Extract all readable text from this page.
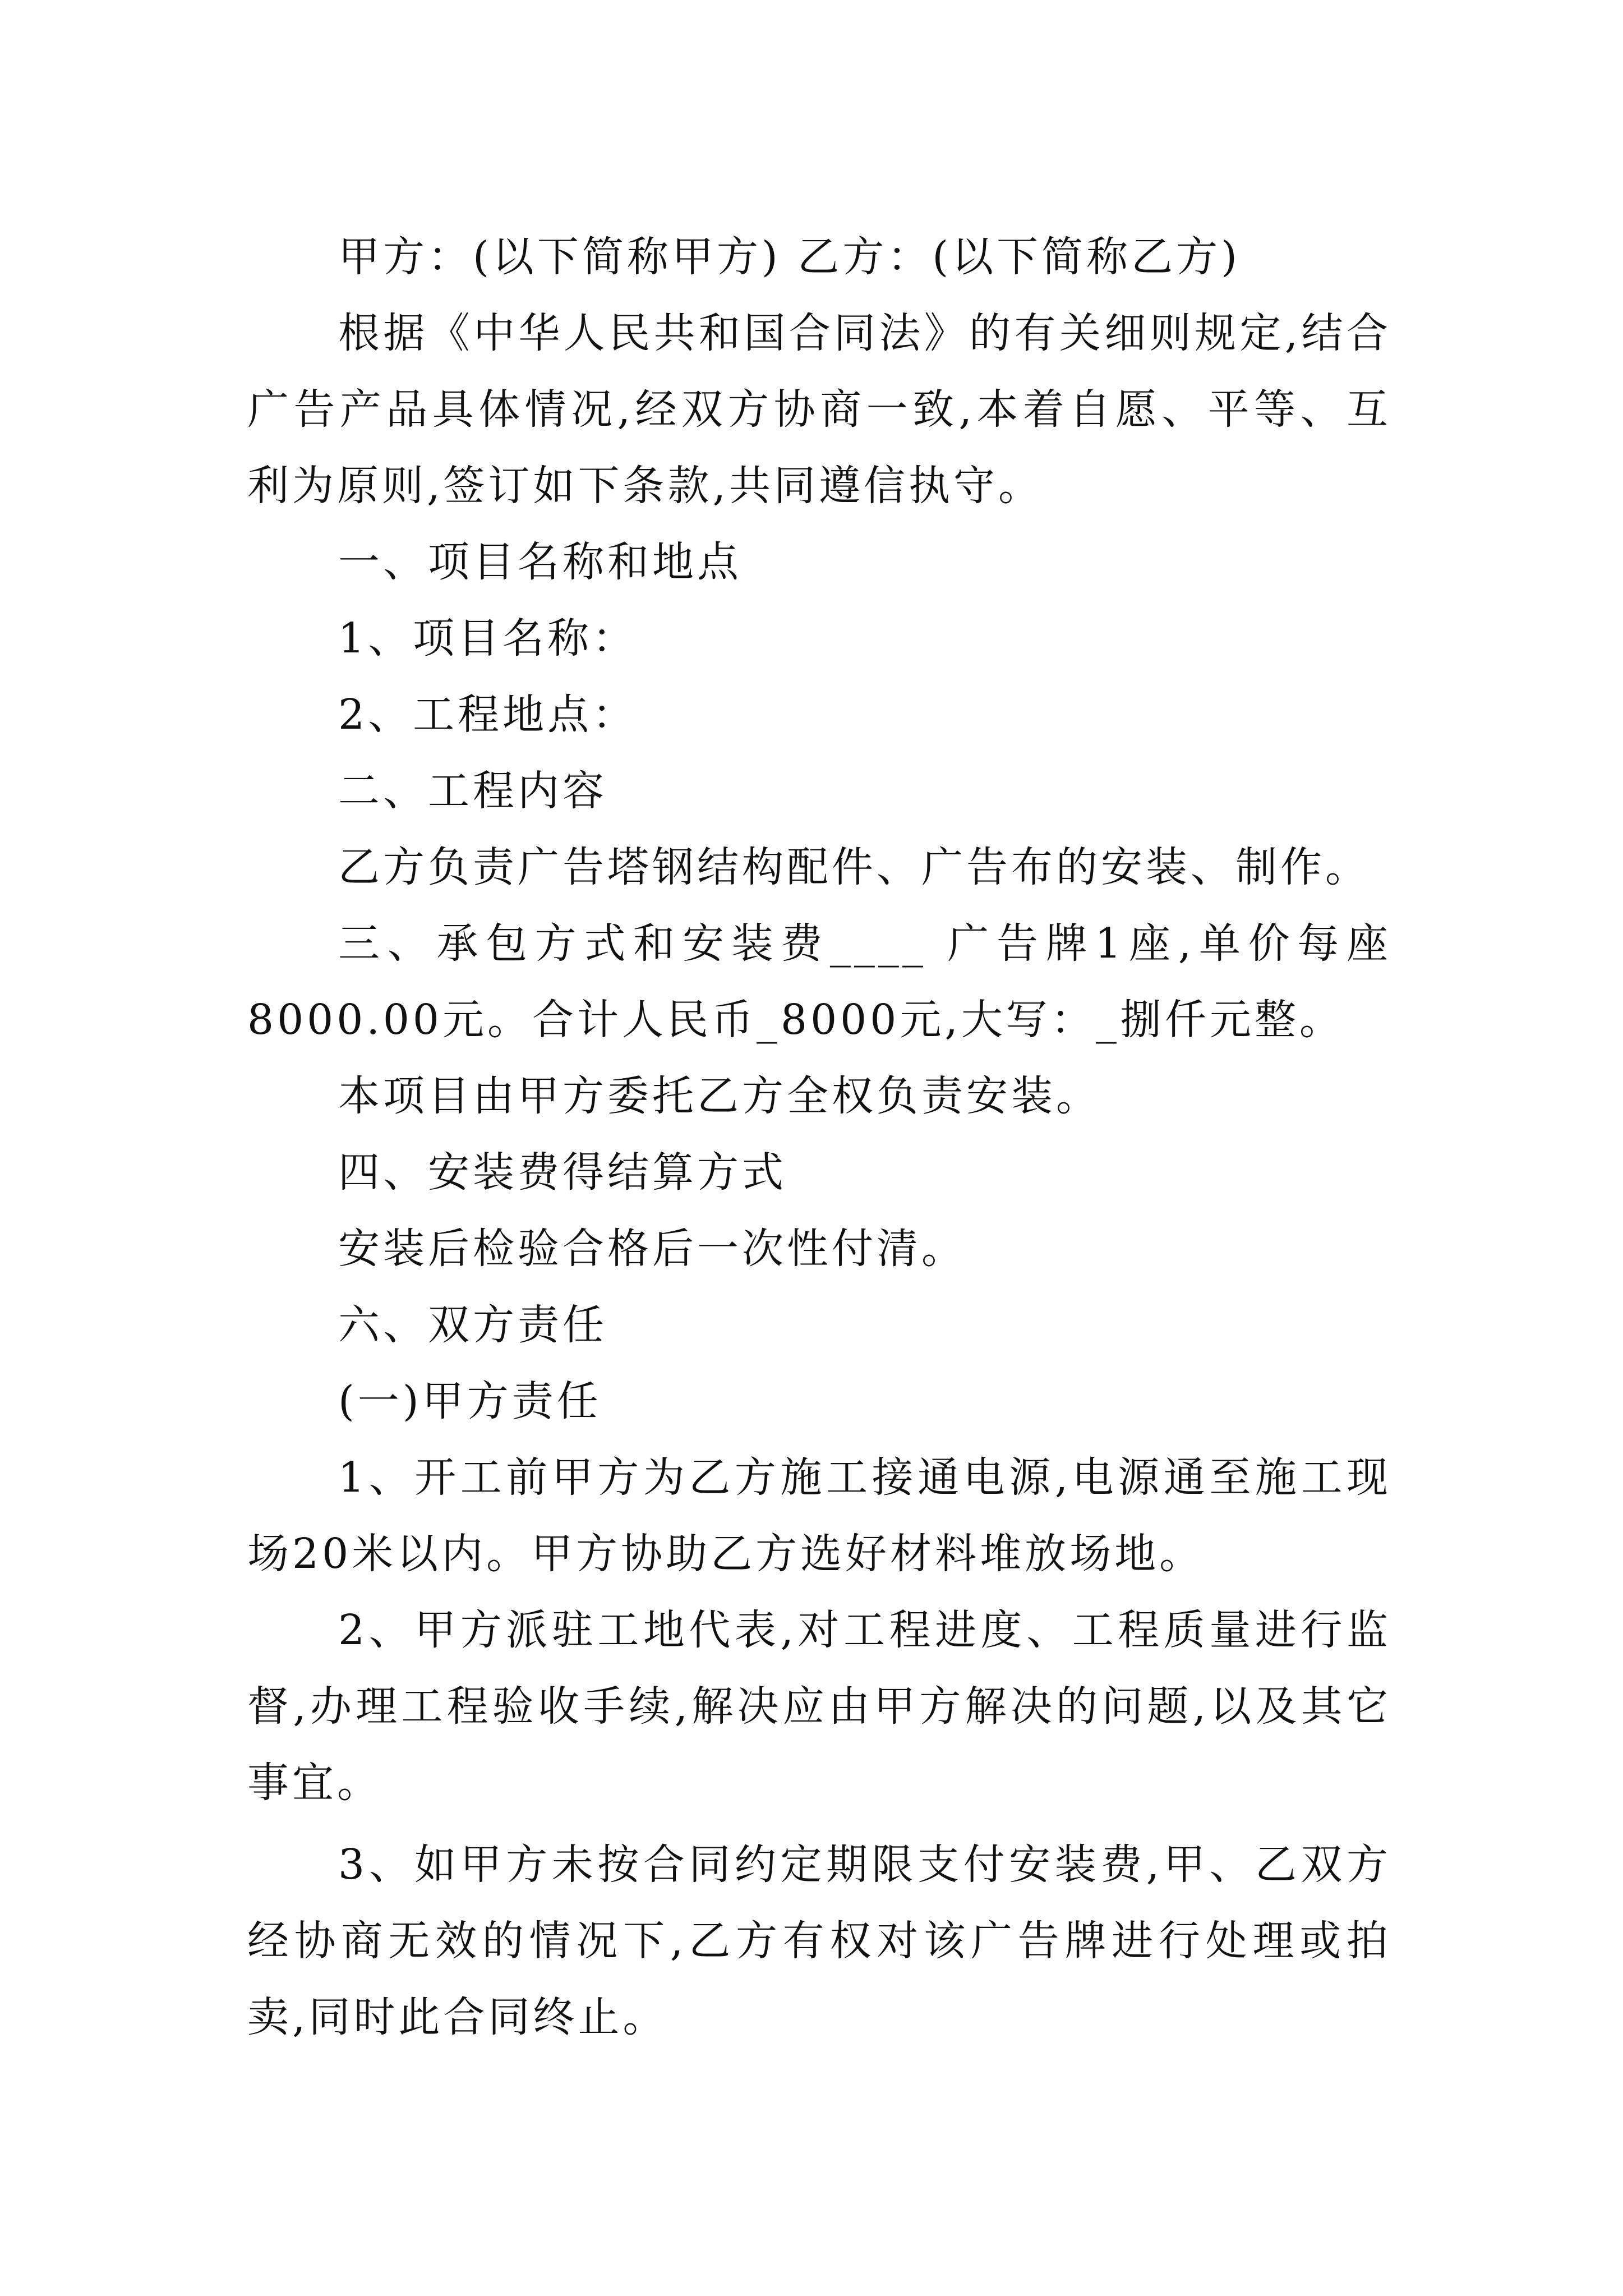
甲方：(以下简称甲方) 乙方：(以下简称乙方)

根据《中华人民共和国合同法》的有关细则规定,结合广告产品具体情况,经双方协商一致,本着自愿、平等、互利为原则,签订如下条款,共同遵信执守。

一、项目名称和地点

1、项目名称：

2、工程地点：

二、工程内容

乙方负责广告塔钢结构配件、广告布的安装、制作。

三、承包方式和安装费____ 广告牌1座,单价每座8000.00元。合计人民币_8000元,大写：_捌仟元整。

本项目由甲方委托乙方全权负责安装。

四、安装费得结算方式

安装后检验合格后一次性付清。

六、双方责任

(一)甲方责任

1、开工前甲方为乙方施工接通电源,电源通至施工现场20米以内。甲方协助乙方选好材料堆放场地。

2、甲方派驻工地代表,对工程进度、工程质量进行监督,办理工程验收手续,解决应由甲方解决的问题,以及其它事宜。

3、如甲方未按合同约定期限支付安装费,甲、乙双方经协商无效的情况下,乙方有权对该广告牌进行处理或拍卖,同时此合同终止。
